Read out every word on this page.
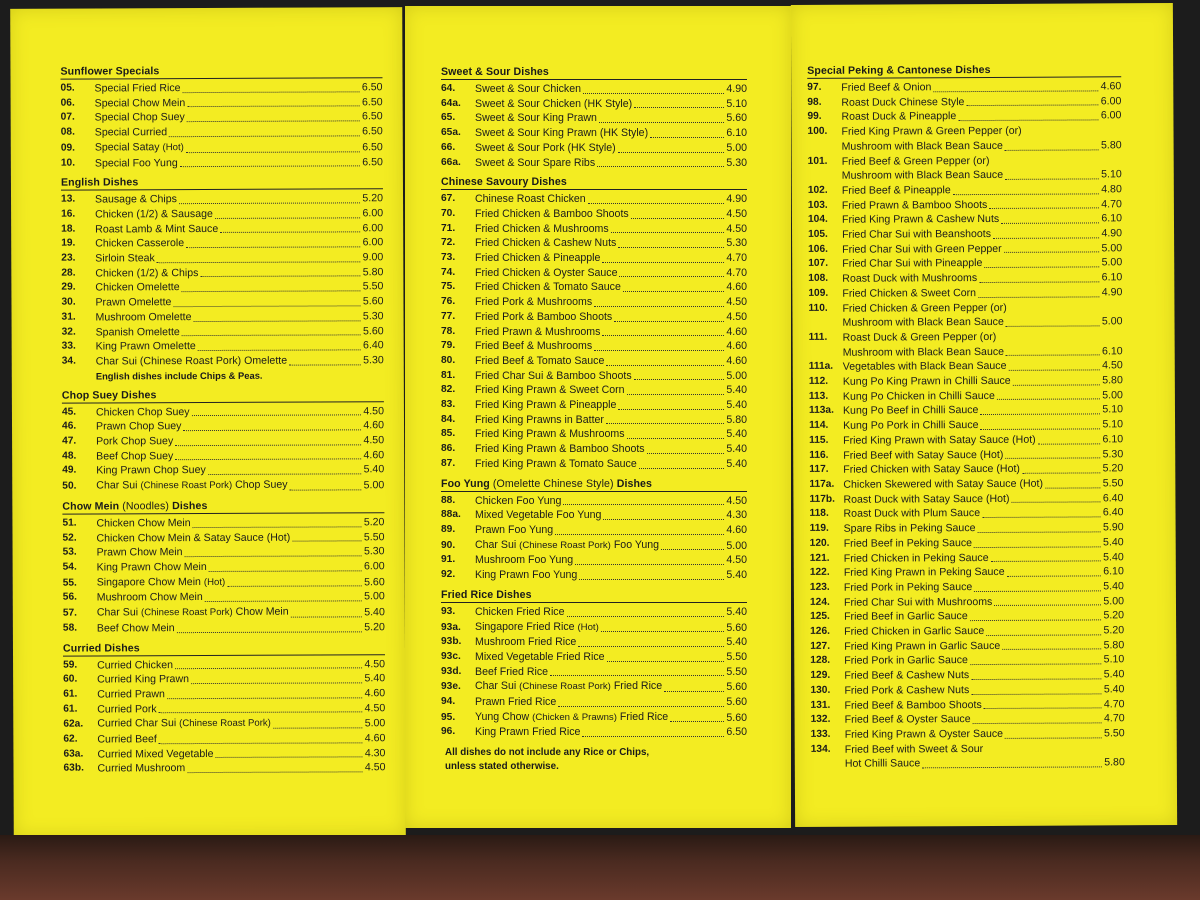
Sunflower Specials
05.	Special Fried Rice	6.50
06.	Special Chow Mein	6.50
07.	Special Chop Suey	6.50
08.	Special Curried	6.50
09.	Special Satay (Hot)	6.50
10.	Special Foo Yung	6.50
English Dishes
13.	Sausage & Chips	5.20
16.	Chicken (1/2) & Sausage	6.00
18.	Roast Lamb & Mint Sauce	6.00
19.	Chicken Casserole	6.00
23.	Sirloin Steak	9.00
28.	Chicken (1/2) & Chips	5.80
29.	Chicken Omelette	5.50
30.	Prawn Omelette	5.60
31.	Mushroom Omelette	5.30
32.	Spanish Omelette	5.60
33.	King Prawn Omelette	6.40
34.	Char Sui (Chinese Roast Pork) Omelette	5.30
English dishes include Chips & Peas.
Chop Suey Dishes
45.	Chicken Chop Suey	4.50
46.	Prawn Chop Suey	4.60
47.	Pork Chop Suey	4.50
48.	Beef Chop Suey	4.60
49.	King Prawn Chop Suey	5.40
50.	Char Sui (Chinese Roast Pork) Chop Suey	5.00
Chow Mein (Noodles) Dishes
51.	Chicken Chow Mein	5.20
52.	Chicken Chow Mein & Satay Sauce (Hot)	5.50
53.	Prawn Chow Mein	5.30
54.	King Prawn Chow Mein	6.00
55.	Singapore Chow Mein (Hot)	5.60
56.	Mushroom Chow Mein	5.00
57.	Char Sui (Chinese Roast Pork) Chow Mein	5.40
58.	Beef Chow Mein	5.20
Curried Dishes
59.	Curried Chicken	4.50
60.	Curried King Prawn	5.40
61.	Curried Prawn	4.60
61.	Curried Pork	4.50
62a.	Curried Char Sui (Chinese Roast Pork)	5.00
62.	Curried Beef	4.60
63a.	Curried Mixed Vegetable	4.30
63b.	Curried Mushroom	4.50
Sweet & Sour Dishes
64.	Sweet & Sour Chicken	4.90
64a.	Sweet & Sour Chicken (HK Style)	5.10
65.	Sweet & Sour King Prawn	5.60
65a.	Sweet & Sour King Prawn (HK Style)	6.10
66.	Sweet & Sour Pork (HK Style)	5.00
66a.	Sweet & Sour Spare Ribs	5.30
Chinese Savoury Dishes
67.	Chinese Roast Chicken	4.90
70.	Fried Chicken & Bamboo Shoots	4.50
71.	Fried Chicken & Mushrooms	4.50
72.	Fried Chicken & Cashew Nuts	5.30
73.	Fried Chicken & Pineapple	4.70
74.	Fried Chicken & Oyster Sauce	4.70
75.	Fried Chicken & Tomato Sauce	4.60
76.	Fried Pork & Mushrooms	4.50
77.	Fried Pork & Bamboo Shoots	4.50
78.	Fried Prawn & Mushrooms	4.60
79.	Fried Beef & Mushrooms	4.60
80.	Fried Beef & Tomato Sauce	4.60
81.	Fried Char Sui & Bamboo Shoots	5.00
82.	Fried King Prawn & Sweet Corn	5.40
83.	Fried King Prawn & Pineapple	5.40
84.	Fried King Prawns in Batter	5.80
85.	Fried King Prawn & Mushrooms	5.40
86.	Fried King Prawn & Bamboo Shoots	5.40
87.	Fried King Prawn & Tomato Sauce	5.40
Foo Yung (Omelette Chinese Style) Dishes
88.	Chicken Foo Yung	4.50
88a.	Mixed Vegetable Foo Yung	4.30
89.	Prawn Foo Yung	4.60
90.	Char Sui (Chinese Roast Pork) Foo Yung	5.00
91.	Mushroom Foo Yung	4.50
92.	King Prawn Foo Yung	5.40
Fried Rice Dishes
93.	Chicken Fried Rice	5.40
93a.	Singapore Fried Rice (Hot)	5.60
93b.	Mushroom Fried Rice	5.40
93c.	Mixed Vegetable Fried Rice	5.50
93d.	Beef Fried Rice	5.50
93e.	Char Sui (Chinese Roast Pork) Fried Rice	5.60
94.	Prawn Fried Rice	5.60
95.	Yung Chow (Chicken & Prawns) Fried Rice	5.60
96.	King Prawn Fried Rice	6.50
All dishes do not include any Rice or Chips,
unless stated otherwise.
Special Peking & Cantonese Dishes
97.	Fried Beef & Onion	4.60
98.	Roast Duck Chinese Style	6.00
99.	Roast Duck & Pineapple	6.00
100.	Fried King Prawn & Green Pepper (or)
Mushroom with Black Bean Sauce	5.80
101.	Fried Beef & Green Pepper (or)
Mushroom with Black Bean Sauce	5.10
102.	Fried Beef & Pineapple	4.80
103.	Fried Prawn & Bamboo Shoots	4.70
104.	Fried King Prawn & Cashew Nuts	6.10
105.	Fried Char Sui with Beanshoots	4.90
106.	Fried Char Sui with Green Pepper	5.00
107.	Fried Char Sui with Pineapple	5.00
108.	Roast Duck with Mushrooms	6.10
109.	Fried Chicken & Sweet Corn	4.90
110.	Fried Chicken & Green Pepper (or)
Mushroom with Black Bean Sauce	5.00
111.	Roast Duck & Green Pepper (or)
Mushroom with Black Bean Sauce	6.10
111a. Vegetables with Black Bean Sauce	4.50
112.	Kung Po King Prawn in Chilli Sauce	5.80
113.	Kung Po Chicken in Chilli Sauce	5.00
113a. Kung Po Beef in Chilli Sauce	5.10
114.	Kung Po Pork in Chilli Sauce	5.10
115.	Fried King Prawn with Satay Sauce (Hot)	6.10
116.	Fried Beef with Satay Sauce (Hot)	5.30
117.	Fried Chicken with Satay Sauce (Hot)	5.20
117a. Chicken Skewered with Satay Sauce (Hot)	5.50
117b. Roast Duck with Satay Sauce (Hot)	6.40
118.	Roast Duck with Plum Sauce	6.40
119.	Spare Ribs in Peking Sauce	5.90
120.	Fried Beef in Peking Sauce	5.40
121.	Fried Chicken in Peking Sauce	5.40
122.	Fried King Prawn in Peking Sauce	6.10
123.	Fried Pork in Peking Sauce	5.40
124.	Fried Char Sui with Mushrooms	5.00
125.	Fried Beef in Garlic Sauce	5.20
126.	Fried Chicken in Garlic Sauce	5.20
127.	Fried King Prawn in Garlic Sauce	5.80
128.	Fried Pork in Garlic Sauce	5.10
129.	Fried Beef & Cashew Nuts	5.40
130.	Fried Pork & Cashew Nuts	5.40
131.	Fried Beef & Bamboo Shoots	4.70
132.	Fried Beef & Oyster Sauce	4.70
133.	Fried King Prawn & Oyster Sauce	5.50
134.	Fried Beef with Sweet & Sour
Hot Chilli Sauce	5.80
